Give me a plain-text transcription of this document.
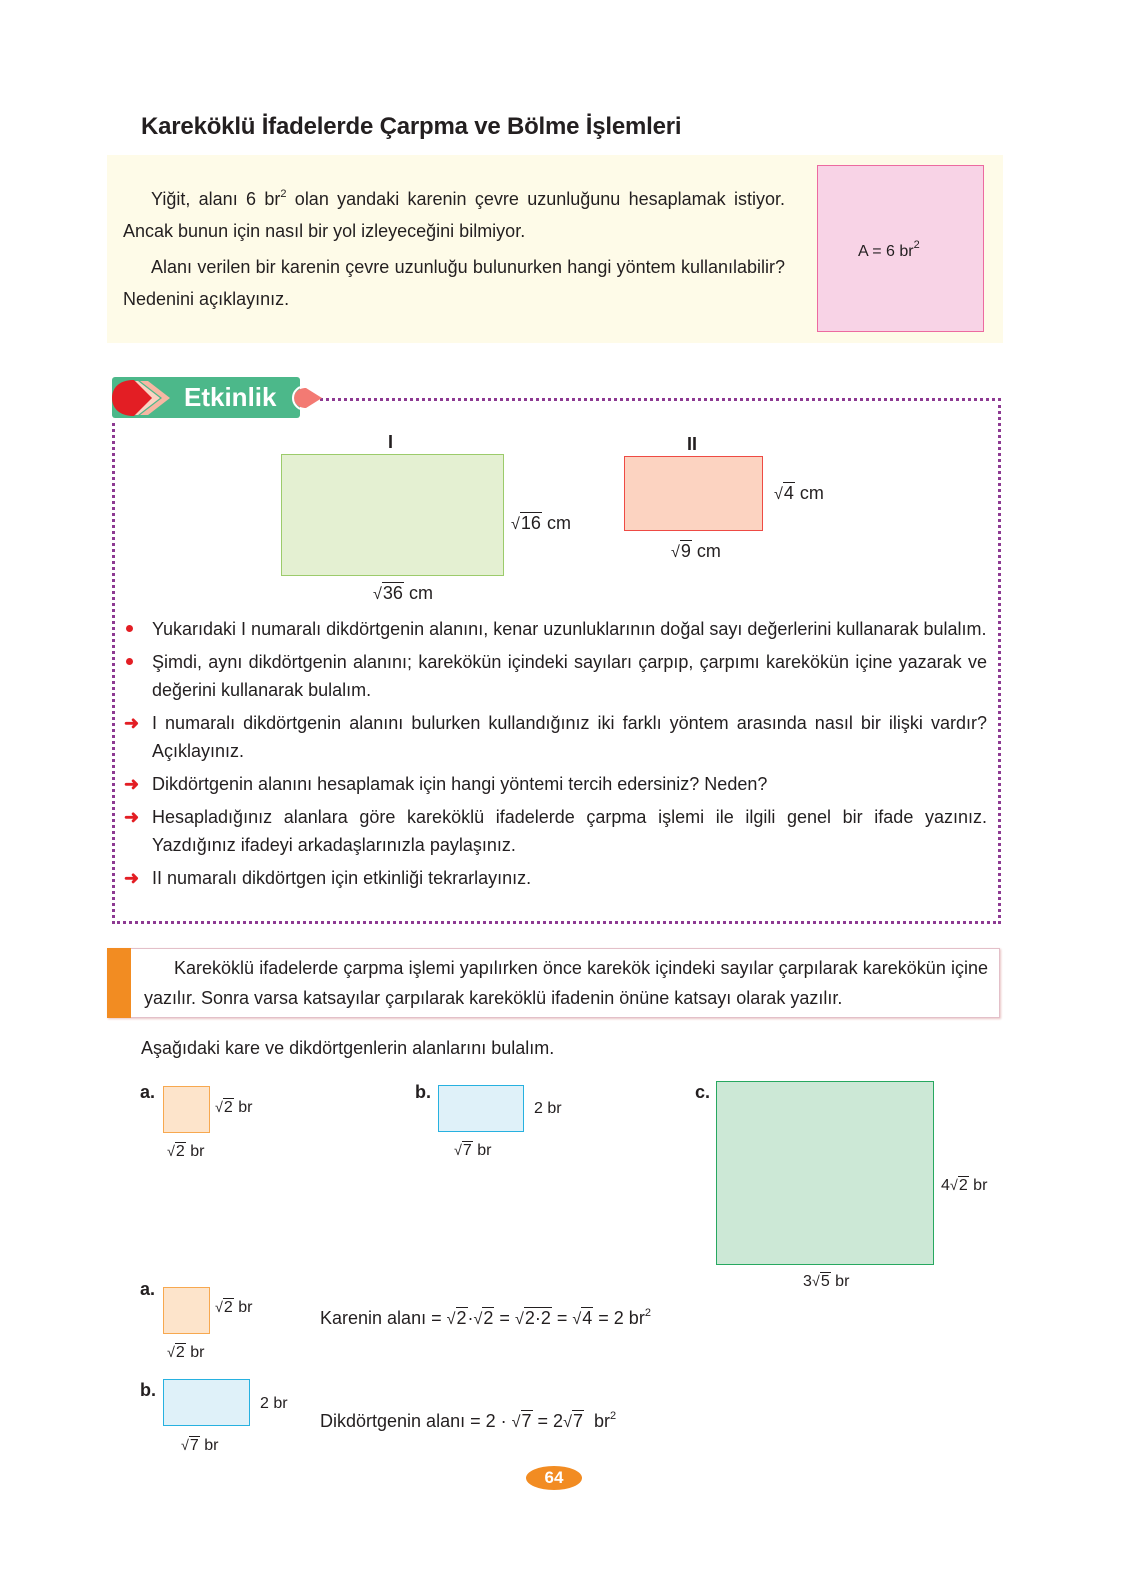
Kareköklü İfadelerde Çarpma ve Bölme İşlemleri

Yiğit, alanı 6 $br^2$ olan yandaki karenin çevre uzunluğunu hesaplamak istiyor. Ancak bunun için nasıl bir yol izleyeceğini bilmiyor.

Alanı verilen bir karenin çevre uzunluğu bulunurken hangi yöntem kullanılabilir? Nedenini açıklayınız.

A = 6 $br^2$
Etkinlik
I
√16 cm
√36 cm
II
√4 cm
√9 cm
Yukarıdaki I numaralı dikdörtgenin alanını, kenar uzunluklarının doğal sayı değerlerini kullanarak bulalım.
Şimdi, aynı dikdörtgenin alanını; karekökün içindeki sayıları çarpıp, çarpımı karekökün içine yazarak ve değerini kullanarak bulalım.
➜ I numaralı dikdörtgenin alanını bulurken kullandığınız iki farklı yöntem arasında nasıl bir ilişki vardır? Açıklayınız.
➜ Dikdörtgenin alanını hesaplamak için hangi yöntemi tercih edersiniz? Neden?
➜ Hesapladığınız alanlara göre kareköklü ifadelerde çarpma işlemi ile ilgili genel bir ifade yazınız. Yazdığınız ifadeyi arkadaşlarınızla paylaşınız.
➜ II numaralı dikdörtgen için etkinliği tekrarlayınız.

Kareköklü ifadelerde çarpma işlemi yapılırken önce karekök içindeki sayılar çarpılarak karekökün içine yazılır. Sonra varsa katsayılar çarpılarak kareköklü ifadenin önüne katsayı olarak yazılır.

Aşağıdaki kare ve dikdörtgenlerin alanlarını bulalım.
a.
√2 br
√2 br
b.
2 br
√7 br
c.
4√2 br
3√5 br
a.
√2 br
√2 br
Karenin alanı = √2·√2 = √2·2 = √4 = 2 $br^2$
b.
2 br
√7 br
Dikdörtgenin alanı = 2 · √7 = 2√7 $br^2$
64
